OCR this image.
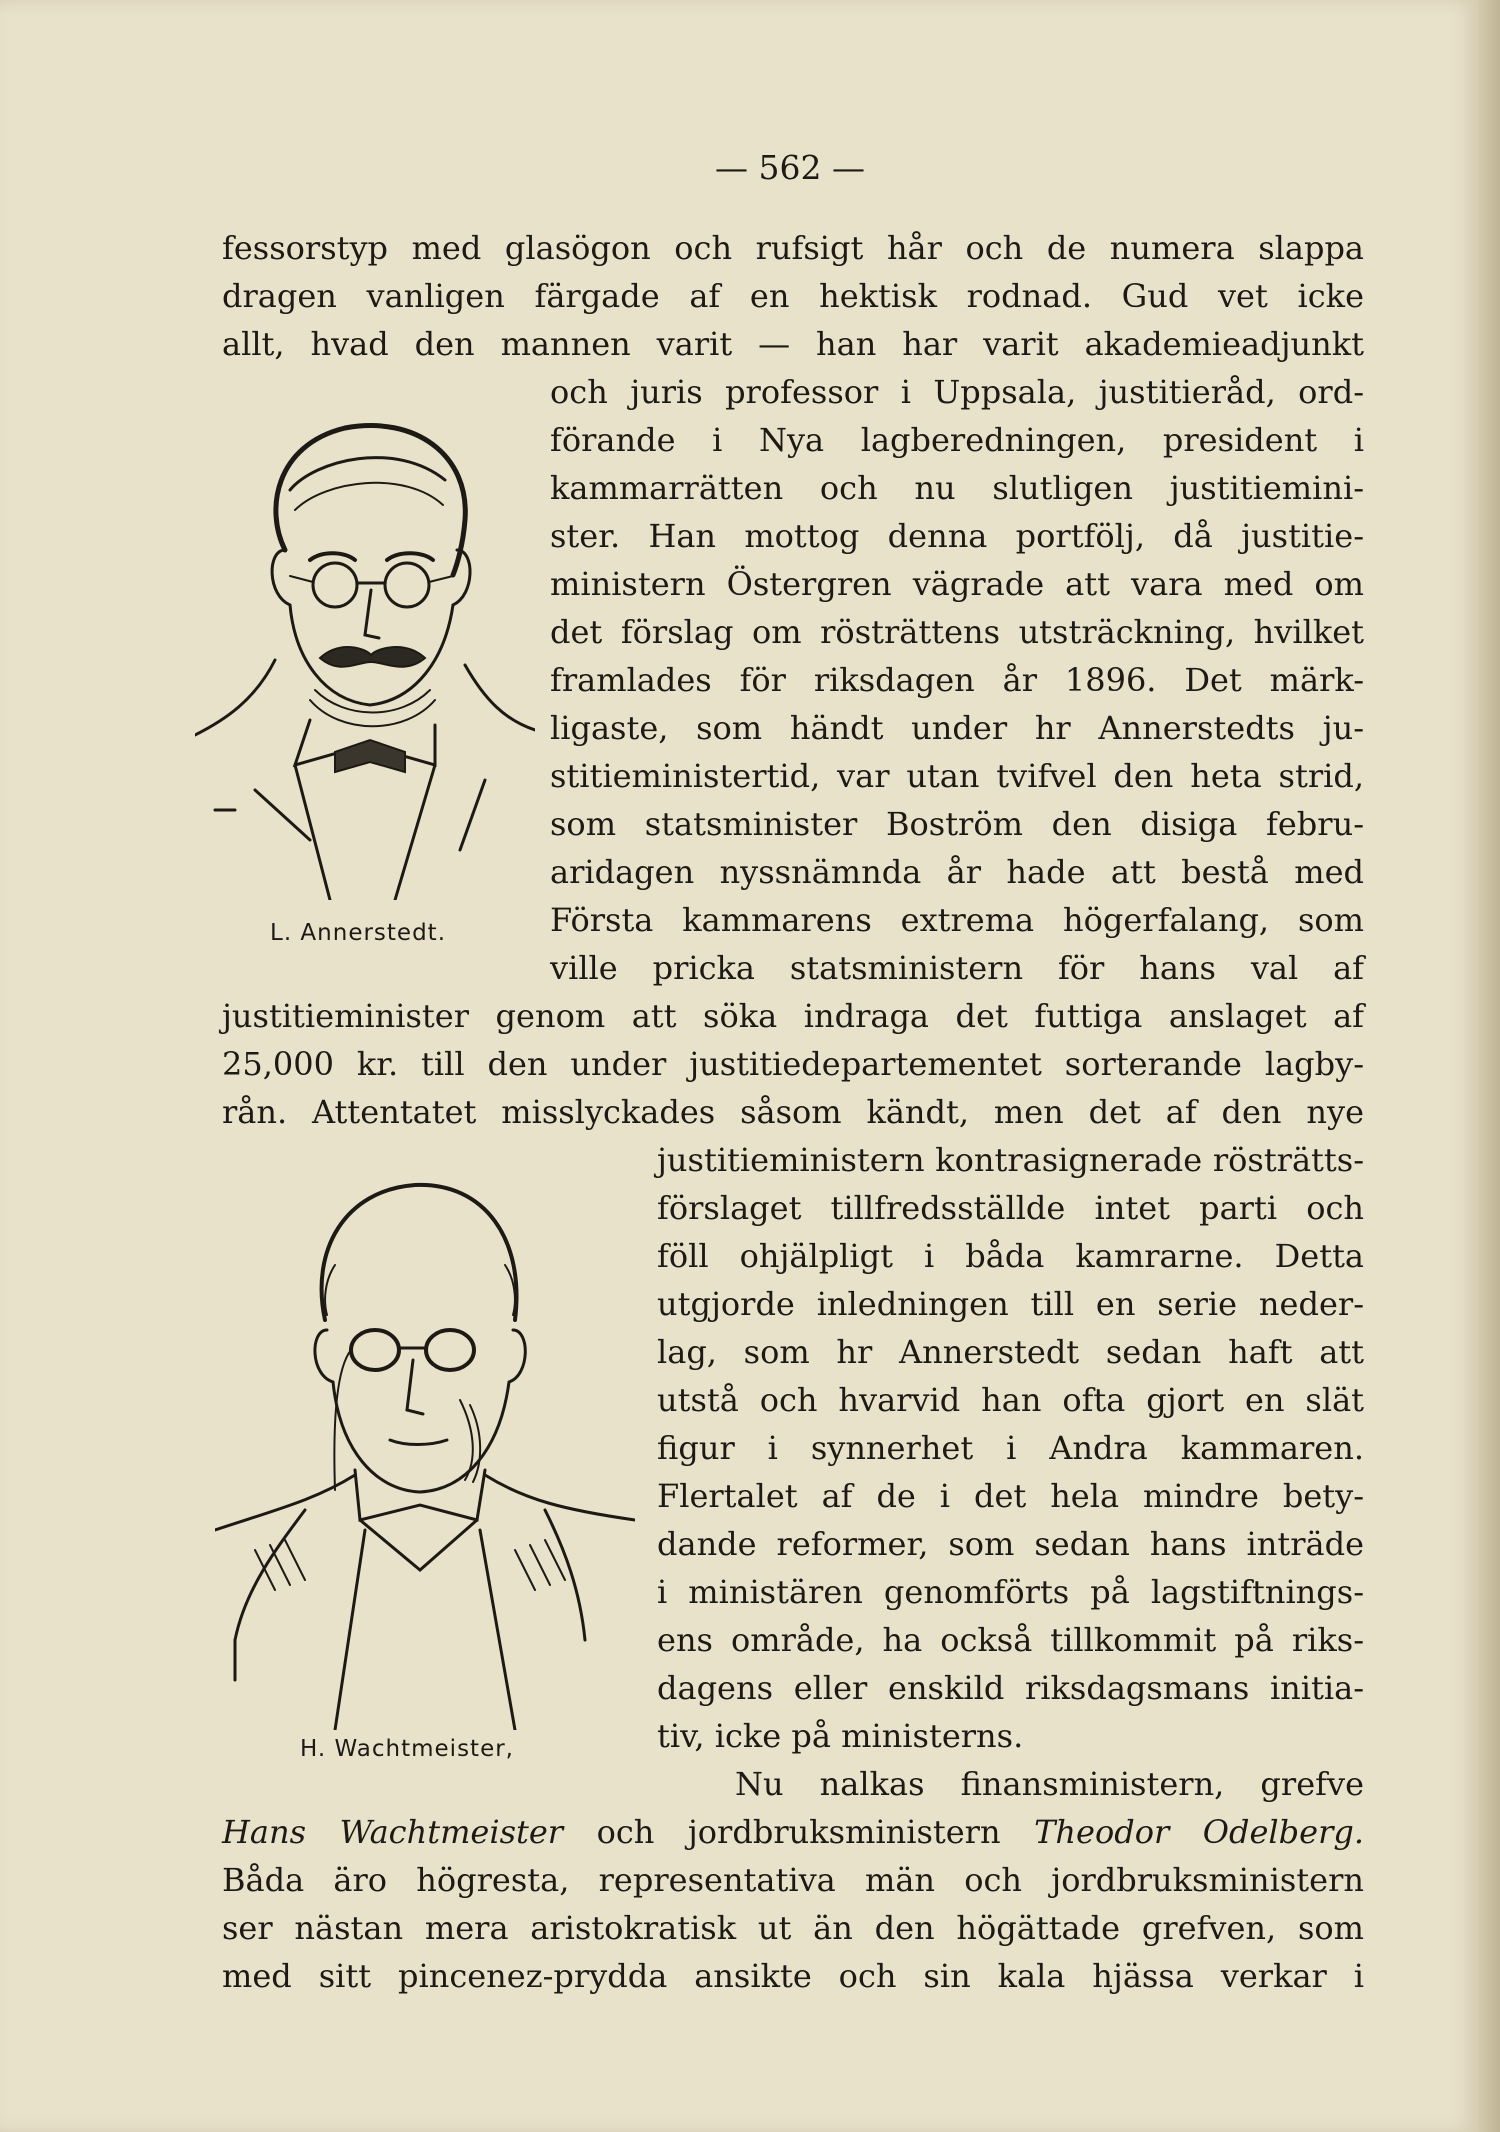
— 562 —
fessorstyp med glasögon och rufsigt hår och de numera slappa
dragen vanligen färgade af en hektisk rodnad. Gud vet icke
allt, hvad den mannen varit — han har varit akademieadjunkt
och juris professor i Uppsala, justitieråd, ord-
förande i Nya lagberedningen, president i
kammarrätten och nu slutligen justitiemini-
ster. Han mottog denna portfölj, då justitie-
ministern Östergren vägrade att vara med om
det förslag om rösträttens utsträckning, hvilket
framlades för riksdagen år 1896. Det märk-
ligaste, som händt under hr Annerstedts ju-
stitieministertid, var utan tvifvel den heta strid,
som statsminister Boström den disiga febru-
aridagen nyssnämnda år hade att bestå med
Första kammarens extrema högerfalang, som
ville pricka statsministern för hans val af
justitieminister genom att söka indraga det futtiga anslaget af
25,000 kr. till den under justitiedepartementet sorterande lagby-
rån. Attentatet misslyckades såsom kändt, men det af den nye
justitieministern kontrasignerade rösträtts-
förslaget tillfredsställde intet parti och
föll ohjälpligt i båda kamrarne. Detta
utgjorde inledningen till en serie neder-
lag, som hr Annerstedt sedan haft att
utstå och hvarvid han ofta gjort en slät
figur i synnerhet i Andra kammaren.
Flertalet af de i det hela mindre bety-
dande reformer, som sedan hans inträde
i ministären genomförts på lagstiftnings-
ens område, ha också tillkommit på riks-
dagens eller enskild riksdagsmans initia-
tiv, icke på ministerns.
Nu nalkas finansministern, grefve
Hans Wachtmeister och jordbruksministern Theodor Odelberg.
Båda äro högresta, representativa män och jordbruksministern
ser nästan mera aristokratisk ut än den högättade grefven, som
med sitt pincenez-prydda ansikte och sin kala hjässa verkar i
L. Annerstedt.
H. Wachtmeister,
